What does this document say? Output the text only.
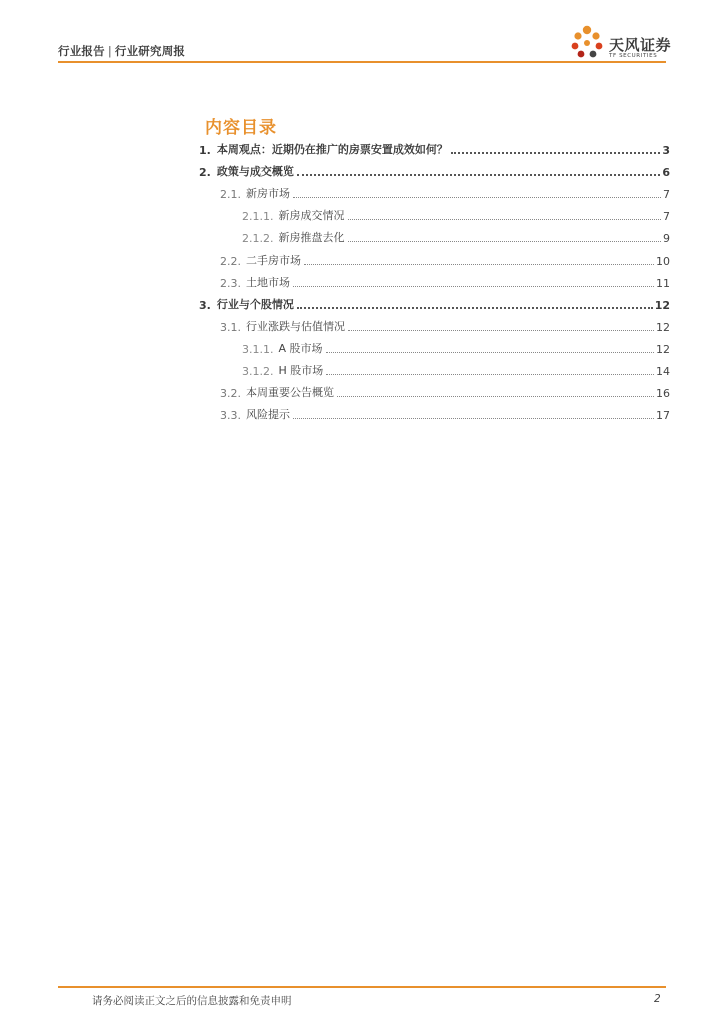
行业报告 | 行业研究周报	天风证券
TF SECURITIES
内容目录
1. 本周观点：近期仍在推广的房票安置成效如何？	3
2. 政策与成交概览	6
2.1. 新房市场	7
2.1.1. 新房成交情况	7
2.1.2. 新房推盘去化	9
2.2. 二手房市场	10
2.3. 土地市场	11
3. 行业与个股情况	12
3.1. 行业涨跌与估值情况	12
3.1.1. A 股市场	12
3.1.2. H 股市场	14
3.2. 本周重要公告概览	16
3.3. 风险提示	17
请务必阅读正文之后的信息披露和免责申明	2
